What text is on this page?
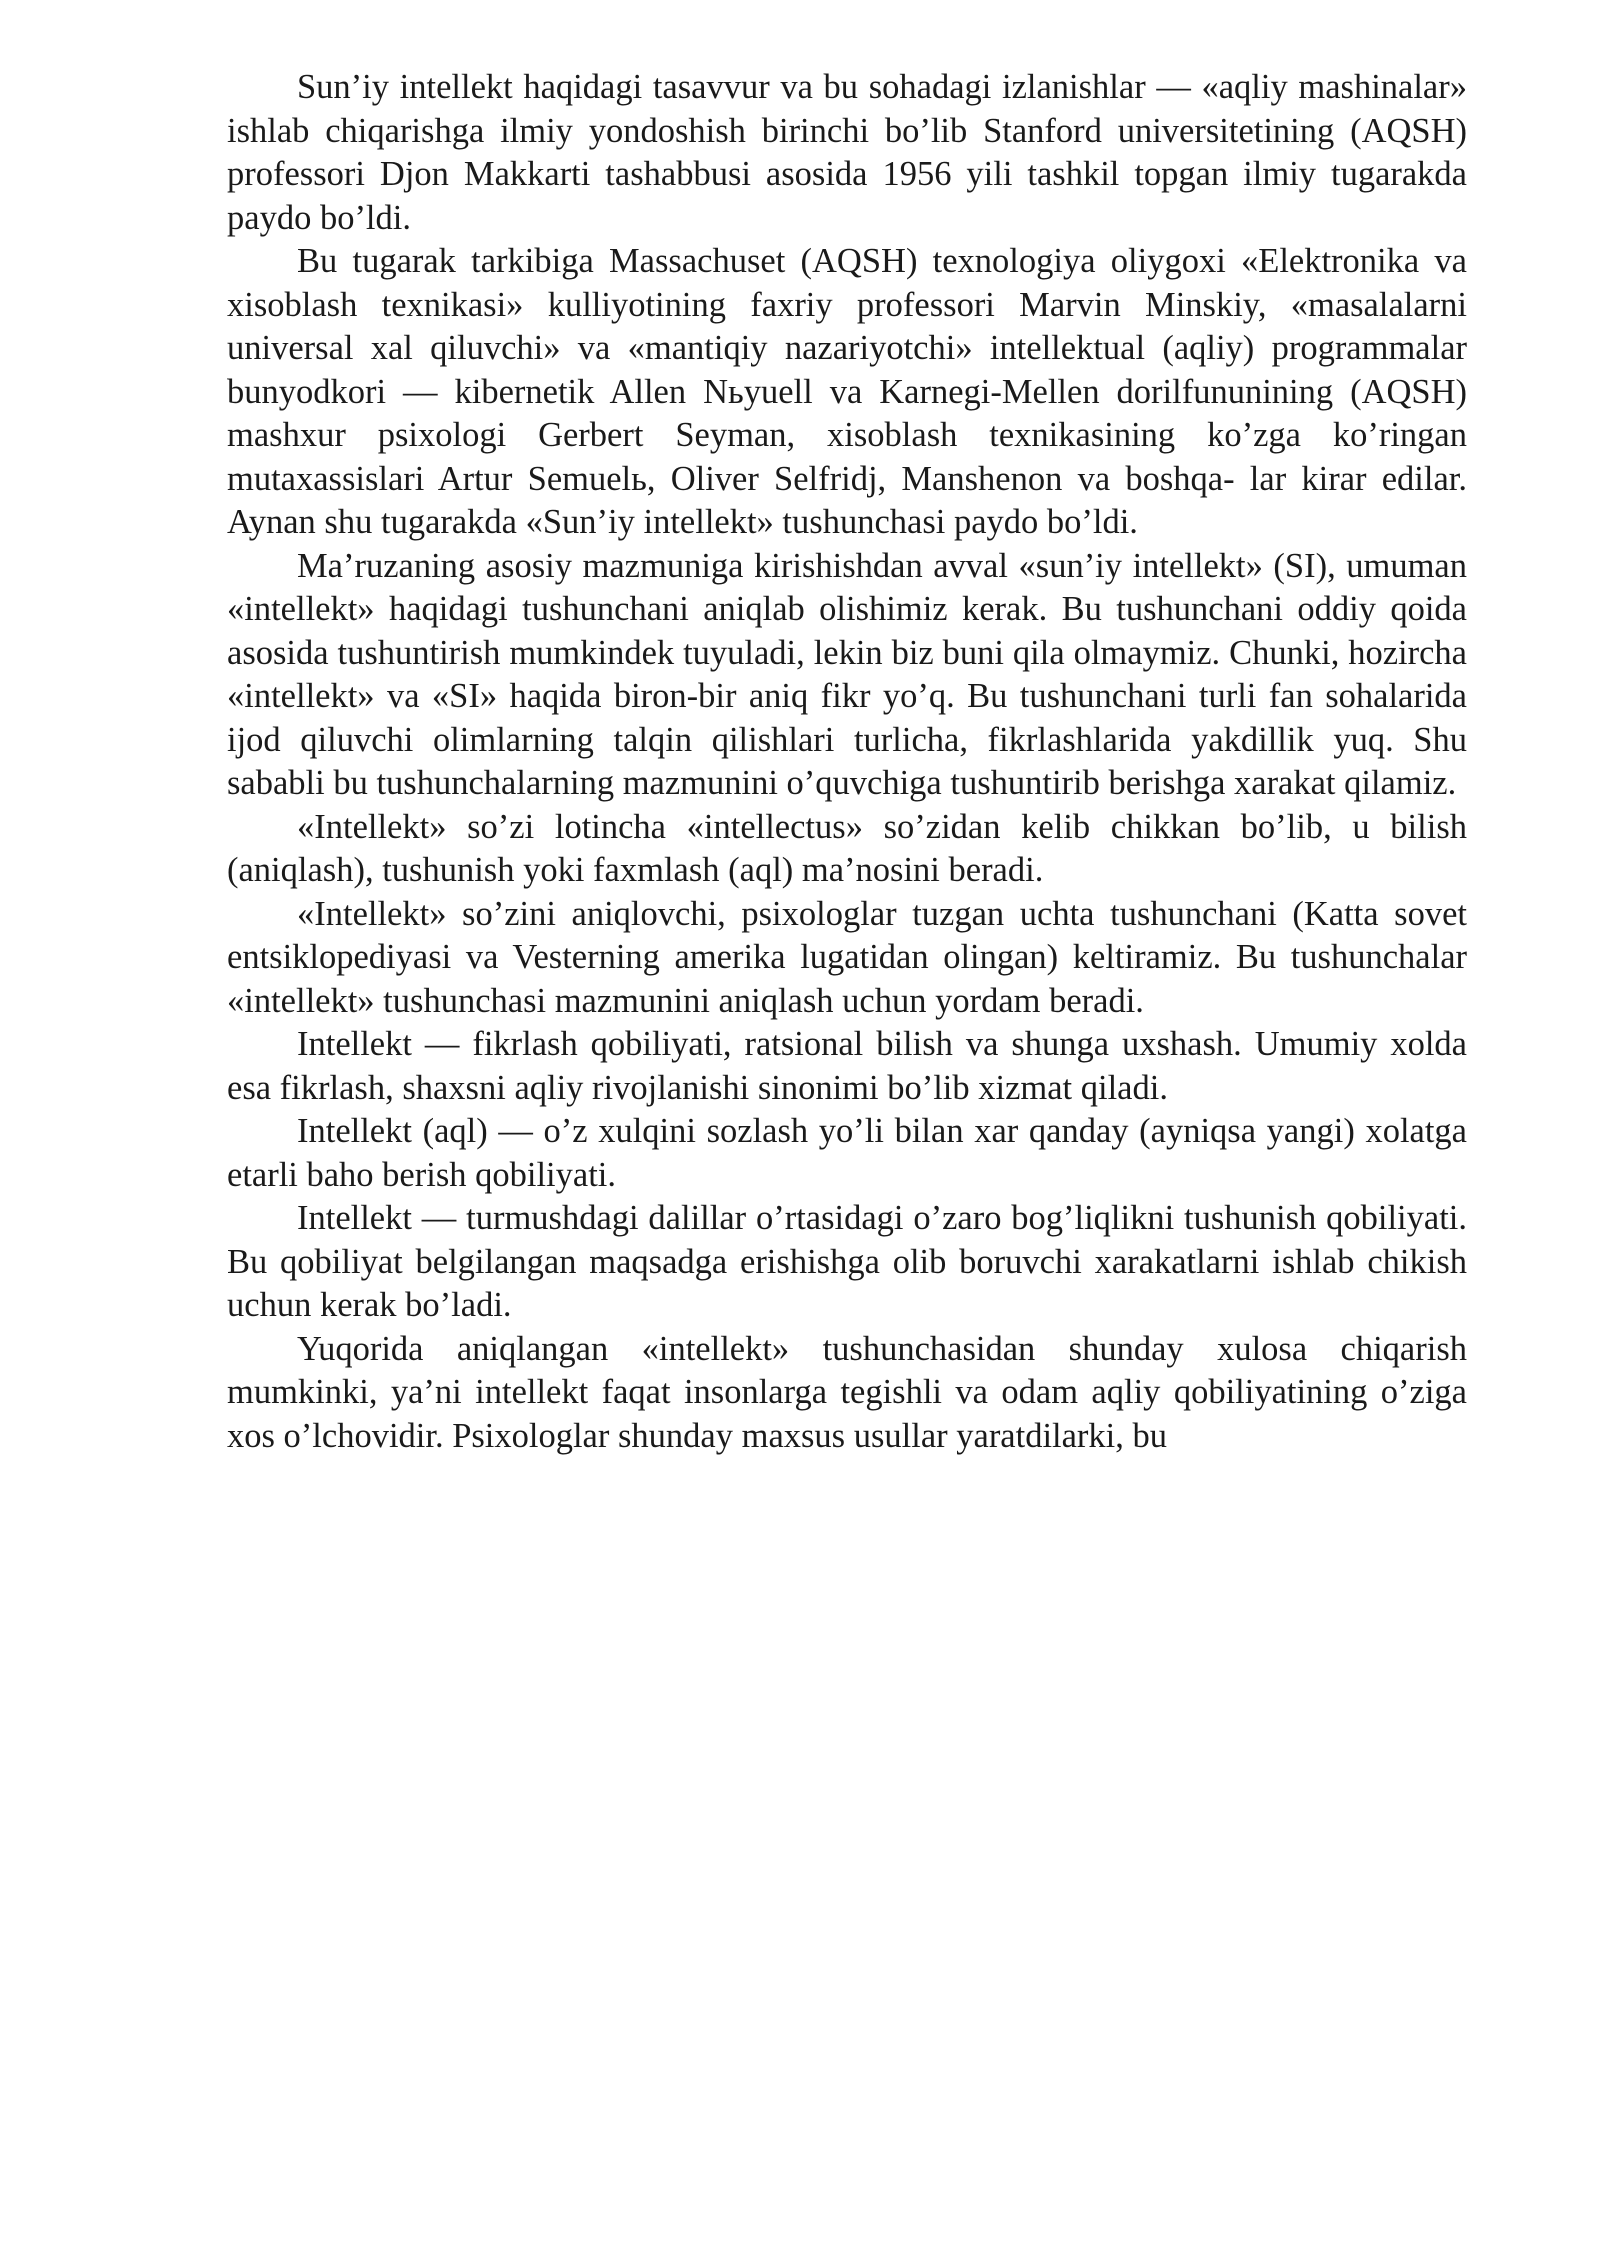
Sun’iy intellekt haqidagi tasavvur va bu sohadagi izlanishlar — «aqliy mashinalar» ishlab chiqarishga ilmiy yondoshish birinchi bo’lib Stanford universitetining (AQSH) professori Djon Makkarti tashabbusi asosida 1956 yili tashkil topgan ilmiy tugarakda paydo bo’ldi.

Bu tugarak tarkibiga Massachuset (AQSH) texnologiya oliygoxi «Elektronika va xisoblash texnikasi» kulliyotining faxriy professori Marvin Minskiy, «masalalarni universal xal qiluvchi» va «mantiqiy nazariyotchi» intellektual (aqliy) programmalar bunyodkori — kibernetik Allen Nьyuell va Karnegi-Mellen dorilfununining (AQSH) mashxur psixologi Gerbert Seyman, xisoblash texnikasining ko’zga ko’ringan mutaxassislari Artur Semuelь, Oliver Selfridj, Manshenon va boshqa- lar kirar edilar. Aynan shu tugarakda «Sun’iy intellekt» tushunchasi paydo bo’ldi.

Ma’ruzaning asosiy mazmuniga kirishishdan avval «sun’iy intellekt» (SI), umuman «intellekt» haqidagi tushunchani aniqlab olishimiz kerak. Bu tushunchani oddiy qoida asosida tushuntirish mumkindek tuyuladi, lekin biz buni qila olmaymiz. Chunki, hozircha «intellekt» va «SI» haqida biron-bir aniq fikr yo’q. Bu tushunchani turli fan sohalarida ijod qiluvchi olimlarning talqin qilishlari turlicha, fikrlashlarida yakdillik yuq. Shu sababli bu tushunchalarning mazmunini o’quvchiga tushuntirib berishga xarakat qilamiz.

«Intellekt» so’zi lotincha «intellectus» so’zidan kelib chikkan bo’lib, u bilish (aniqlash), tushunish yoki faxmlash (aql) ma’nosini beradi.

«Intellekt» so’zini aniqlovchi, psixologlar tuzgan uchta tushunchani (Katta sovet entsiklopediyasi va Vesterning amerika lugatidan olingan) keltiramiz. Bu tushunchalar «intellekt» tushunchasi mazmunini aniqlash uchun yordam beradi.

Intellekt — fikrlash qobiliyati, ratsional bilish va shunga uxshash. Umumiy xolda esa fikrlash, shaxsni aqliy rivojlanishi sinonimi bo’lib xizmat qiladi.

Intellekt (aql) — o’z xulqini sozlash yo’li bilan xar qanday (ayniqsa yangi) xolatga etarli baho berish qobiliyati.

Intellekt — turmushdagi dalillar o’rtasidagi o’zaro bog’liqlikni tushunish qobiliyati. Bu qobiliyat belgilangan maqsadga erishishga olib boruvchi xarakatlarni ishlab chikish uchun kerak bo’ladi.

Yuqorida aniqlangan «intellekt» tushunchasidan shunday xulosa chiqarish mumkinki, ya’ni intellekt faqat insonlarga tegishli va odam aqliy qobiliyatining o’ziga xos o’lchovidir. Psixologlar shunday maxsus usullar yaratdilarki, bu
